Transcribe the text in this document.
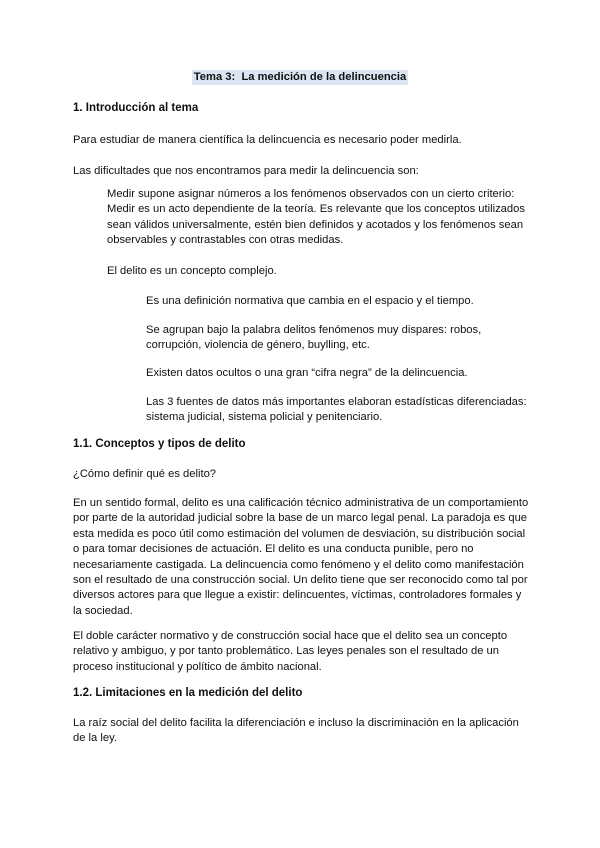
Tema 3:  La medición de la delincuencia
1. Introducción al tema
Para estudiar de manera científica la delincuencia es necesario poder medirla.
Las dificultades que nos encontramos para medir la delincuencia son:
Medir supone asignar números a los fenómenos observados con un cierto criterio:
Medir es un acto dependiente de la teoría. Es relevante que los conceptos utilizados
sean válidos universalmente, estén bien definidos y acotados y los fenómenos sean
observables y contrastables con otras medidas.
El delito es un concepto complejo.
Es una definición normativa que cambia en el espacio y el tiempo.
Se agrupan bajo la palabra delitos fenómenos muy dispares: robos,
corrupción, violencia de género, buylling, etc.
Existen datos ocultos o una gran “cifra negra” de la delincuencia.
Las 3 fuentes de datos más importantes elaboran estadísticas diferenciadas:
sistema judicial, sistema policial y penitenciario.
1.1. Conceptos y tipos de delito
¿Cómo definir qué es delito?
En un sentido formal, delito es una calificación técnico administrativa de un comportamiento
por parte de la autoridad judicial sobre la base de un marco legal penal. La paradoja es que
esta medida es poco útil como estimación del volumen de desviación, su distribución social
o para tomar decisiones de actuación. El delito es una conducta punible, pero no
necesariamente castigada. La delincuencia como fenómeno y el delito como manifestación
son el resultado de una construcción social. Un delito tiene que ser reconocido como tal por
diversos actores para que llegue a existir: delincuentes, víctimas, controladores formales y
la sociedad.
El doble carácter normativo y de construcción social hace que el delito sea un concepto
relativo y ambiguo, y por tanto problemático. Las leyes penales son el resultado de un
proceso institucional y político de ámbito nacional.
1.2. Limitaciones en la medición del delito
La raíz social del delito facilita la diferenciación e incluso la discriminación en la aplicación
de la ley.
